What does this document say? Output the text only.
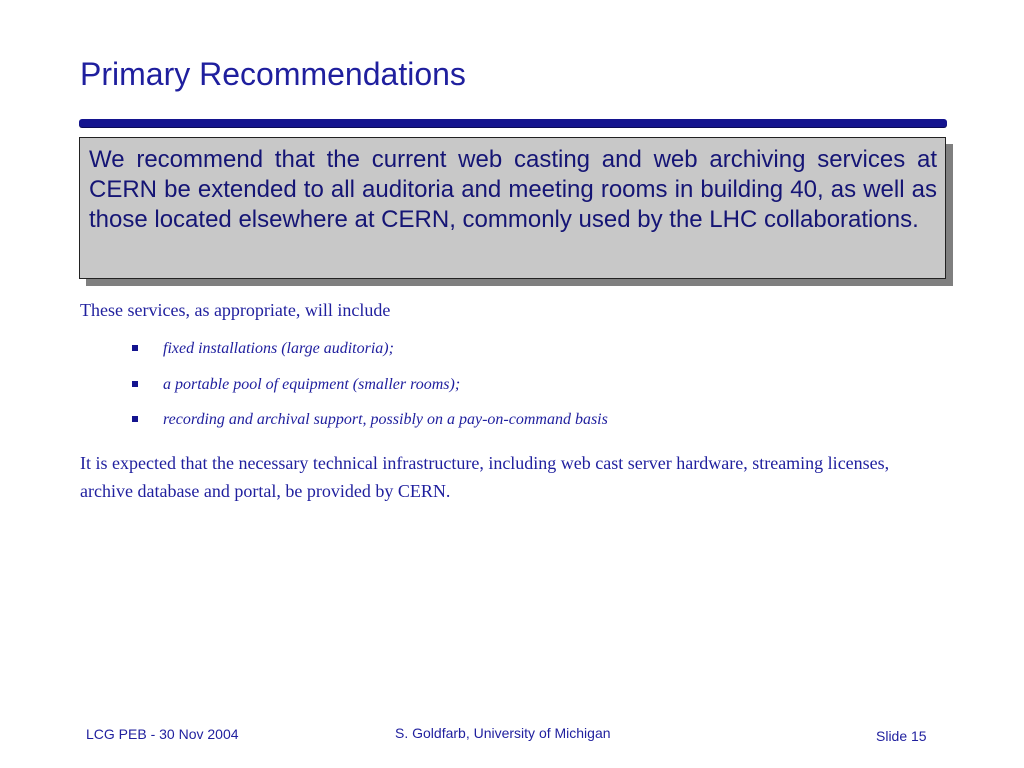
Primary Recommendations
We recommend that the current web casting and web archiving services at CERN be extended to all auditoria and meeting rooms in building 40, as well as those located elsewhere at CERN, commonly used by the LHC collaborations.
These services, as appropriate, will include
fixed installations (large auditoria);
a portable pool of equipment (smaller rooms);
recording and archival support, possibly on a pay-on-command basis
It is expected that the necessary technical infrastructure, including web cast server hardware, streaming licenses, archive database and portal, be provided by CERN.
LCG PEB - 30 Nov 2004	S. Goldfarb, University of Michigan	Slide 15
